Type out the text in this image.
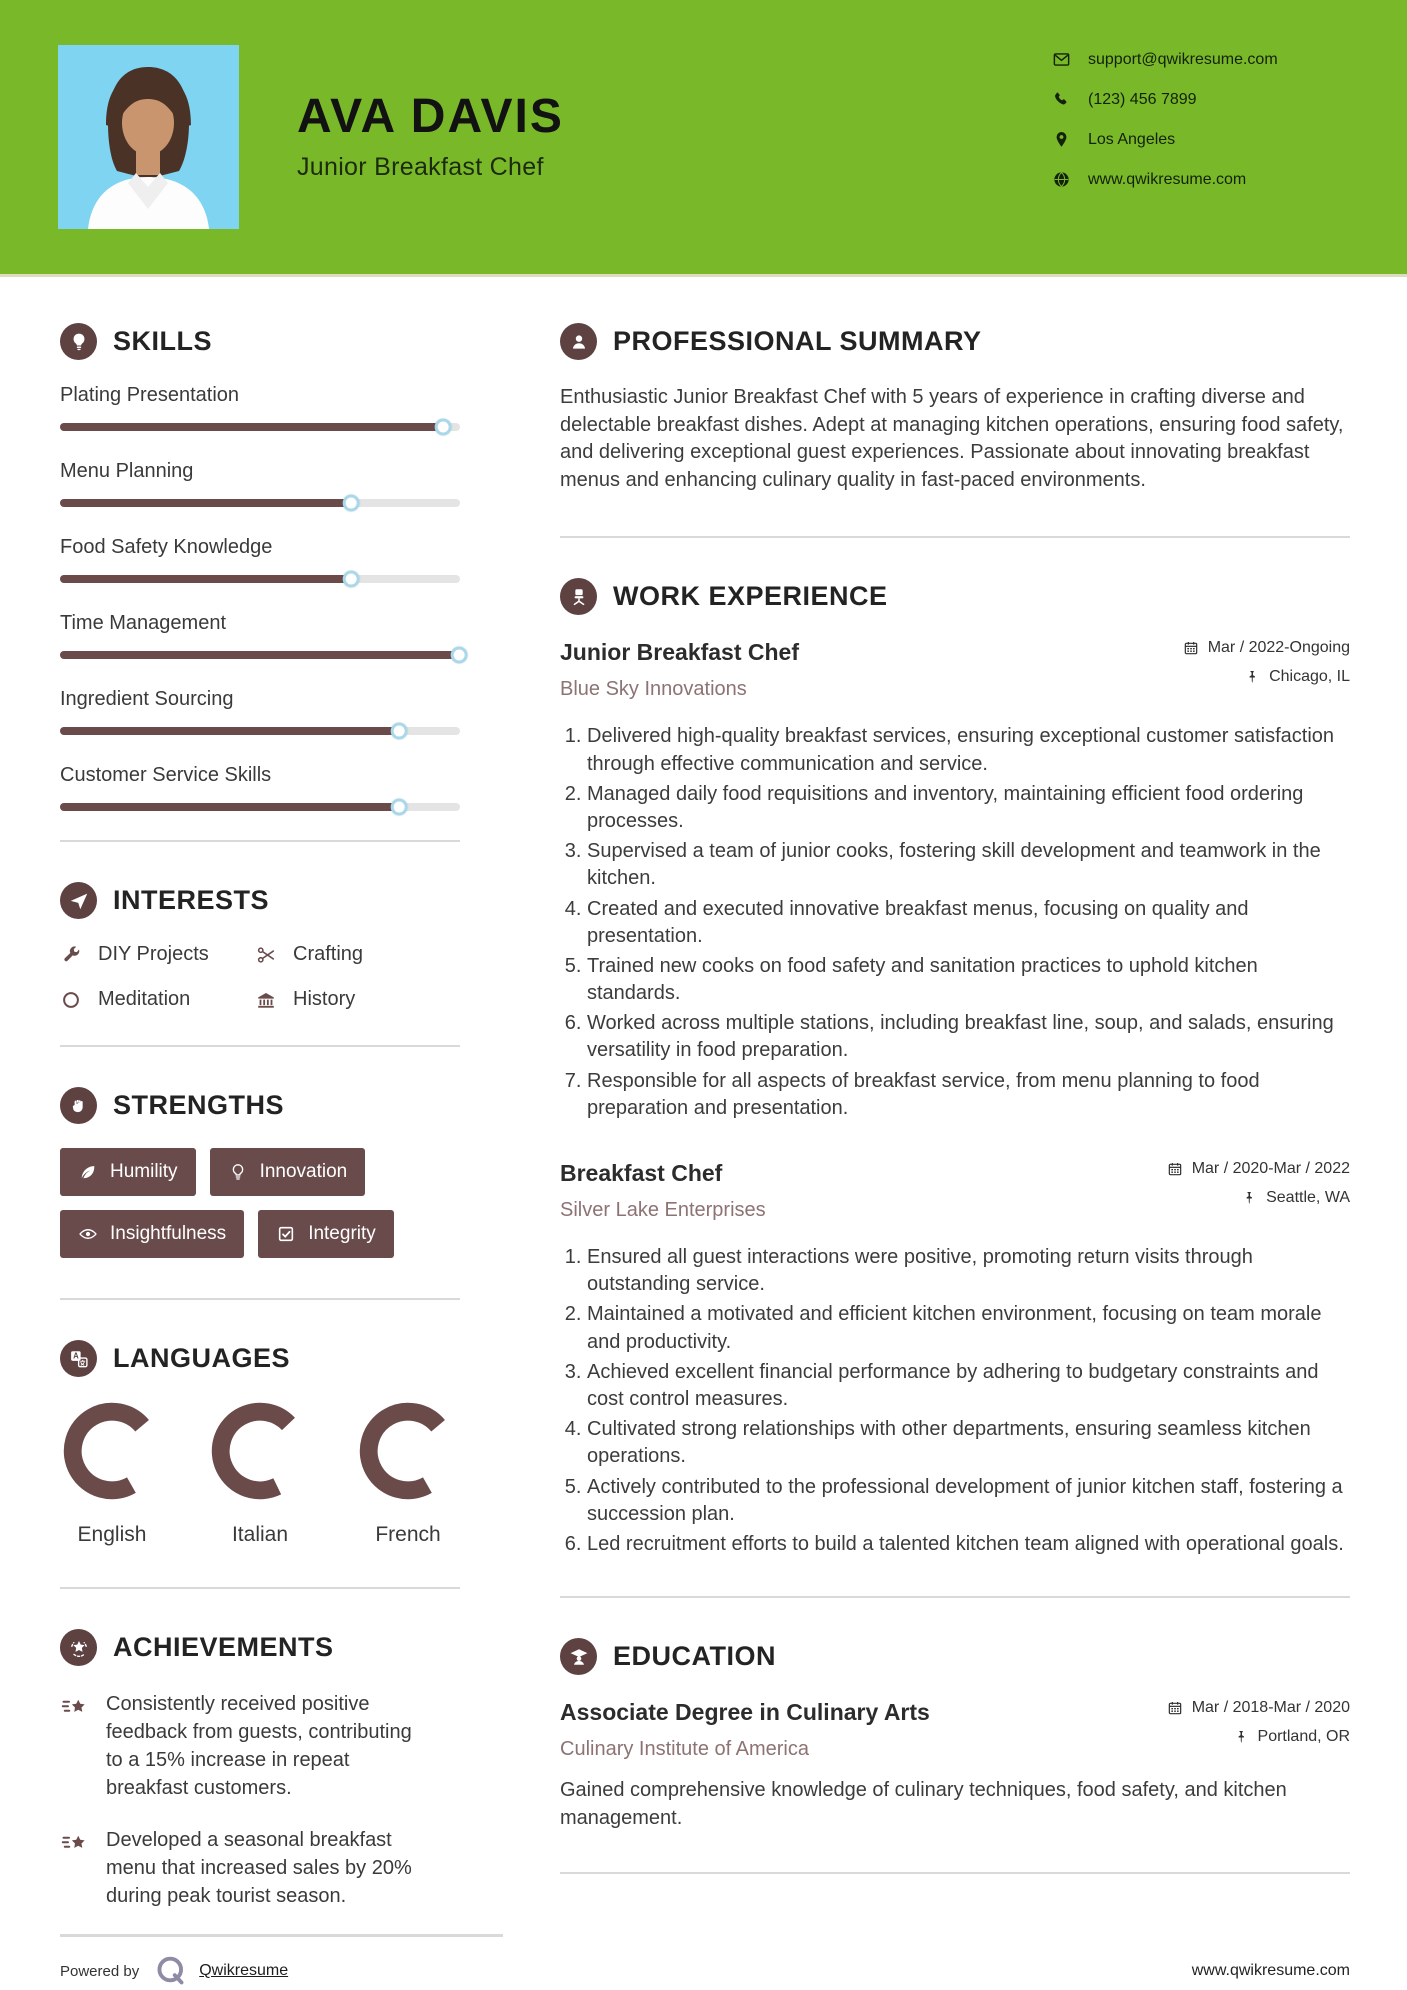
AVA DAVIS
Junior Breakfast Chef
support@qwikresume.com
(123) 456 7899
Los Angeles
www.qwikresume.com
SKILLS
Plating Presentation
Menu Planning
Food Safety Knowledge
Time Management
Ingredient Sourcing
Customer Service Skills
INTERESTS
DIY Projects	Crafting
Meditation	History
STRENGTHS
Humility	Innovation
Insightfulness	Integrity
A LANGUAGES
English	Italian	French
ACHIEVEMENTS
Consistently received positive feedback from guests, contributing to a 15% increase in repeat breakfast customers.
Developed a seasonal breakfast menu that increased sales by 20% during peak tourist season.
PROFESSIONAL SUMMARY

Enthusiastic Junior Breakfast Chef with 5 years of experience in crafting diverse and delectable breakfast dishes. Adept at managing kitchen operations, ensuring food safety, and delivering exceptional guest experiences. Passionate about innovating breakfast menus and enhancing culinary quality in fast-paced environments.

WORK EXPERIENCE
Junior Breakfast Chef
Blue Sky Innovations
Mar / 2022-Ongoing
Chicago, IL
1. Delivered high-quality breakfast services, ensuring exceptional customer satisfaction through effective communication and service.
2. Managed daily food requisitions and inventory, maintaining efficient food ordering processes.
3. Supervised a team of junior cooks, fostering skill development and teamwork in the kitchen.
4. Created and executed innovative breakfast menus, focusing on quality and presentation.
5. Trained new cooks on food safety and sanitation practices to uphold kitchen standards.
6. Worked across multiple stations, including breakfast line, soup, and salads, ensuring versatility in food preparation.
7. Responsible for all aspects of breakfast service, from menu planning to food preparation and presentation.
Breakfast Chef
Silver Lake Enterprises
Mar / 2020-Mar / 2022
Seattle, WA
1. Ensured all guest interactions were positive, promoting return visits through outstanding service.
2. Maintained a motivated and efficient kitchen environment, focusing on team morale and productivity.
3. Achieved excellent financial performance by adhering to budgetary constraints and cost control measures.
4. Cultivated strong relationships with other departments, ensuring seamless kitchen operations.
5. Actively contributed to the professional development of junior kitchen staff, fostering a succession plan.
6. Led recruitment efforts to build a talented kitchen team aligned with operational goals.
EDUCATION
Associate Degree in Culinary Arts
Culinary Institute of America
Mar / 2018-Mar / 2020
Portland, OR

Gained comprehensive knowledge of culinary techniques, food safety, and kitchen management.

Powered by	Qwikresume	www.qwikresume.com
